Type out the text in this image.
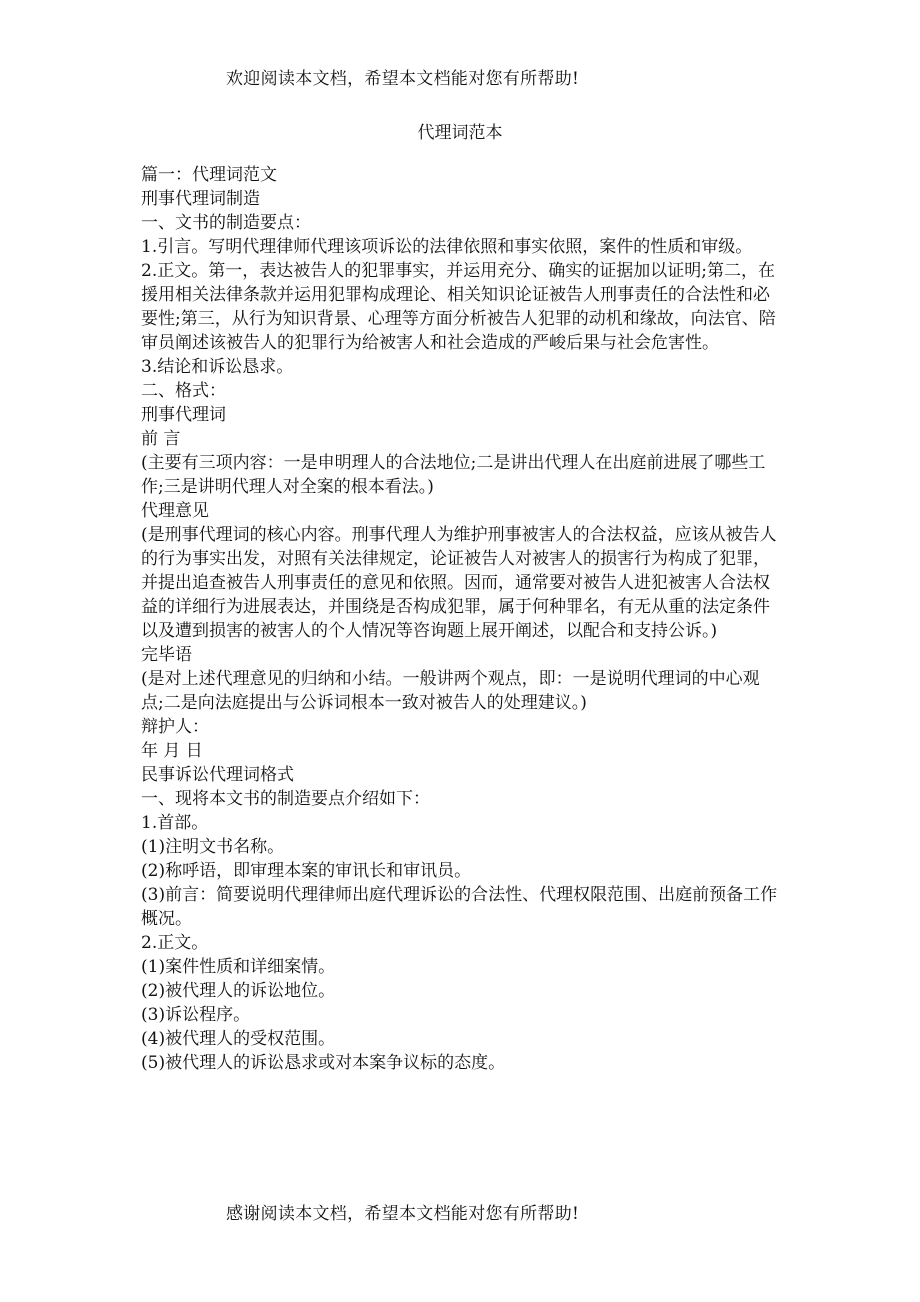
欢迎阅读本文档，希望本文档能对您有所帮助!
代理词范本

篇一：代理词范文

刑事代理词制造

一、文书的制造要点：

1.引言。写明代理律师代理该项诉讼的法律依照和事实依照，案件的性质和审级。

2.正文。第一，表达被告人的犯罪事实，并运用充分、确实的证据加以证明;第二，在援用相关法律条款并运用犯罪构成理论、相关知识论证被告人刑事责任的合法性和必要性;第三，从行为知识背景、心理等方面分析被告人犯罪的动机和缘故，向法官、陪审员阐述该被告人的犯罪行为给被害人和社会造成的严峻后果与社会危害性。

3.结论和诉讼恳求。

二、格式：

刑事代理词

前 言

(主要有三项内容：一是申明理人的合法地位;二是讲出代理人在出庭前进展了哪些工作;三是讲明代理人对全案的根本看法。)

代理意见

(是刑事代理词的核心内容。刑事代理人为维护刑事被害人的合法权益，应该从被告人的行为事实出发，对照有关法律规定，论证被告人对被害人的损害行为构成了犯罪，并提出追查被告人刑事责任的意见和依照。因而，通常要对被告人进犯被害人合法权益的详细行为进展表达，并围绕是否构成犯罪，属于何种罪名，有无从重的法定条件以及遭到损害的被害人的个人情况等咨询题上展开阐述，以配合和支持公诉。)

完毕语

(是对上述代理意见的归纳和小结。一般讲两个观点，即：一是说明代理词的中心观点;二是向法庭提出与公诉词根本一致对被告人的处理建议。)

辩护人：

年 月 日

民事诉讼代理词格式

一、现将本文书的制造要点介绍如下：

1.首部。

(1)注明文书名称。

(2)称呼语，即审理本案的审讯长和审讯员。

(3)前言：简要说明代理律师出庭代理诉讼的合法性、代理权限范围、出庭前预备工作概况。

2.正文。

(1)案件性质和详细案情。

(2)被代理人的诉讼地位。

(3)诉讼程序。

(4)被代理人的受权范围。

(5)被代理人的诉讼恳求或对本案争议标的态度。

感谢阅读本文档，希望本文档能对您有所帮助!
